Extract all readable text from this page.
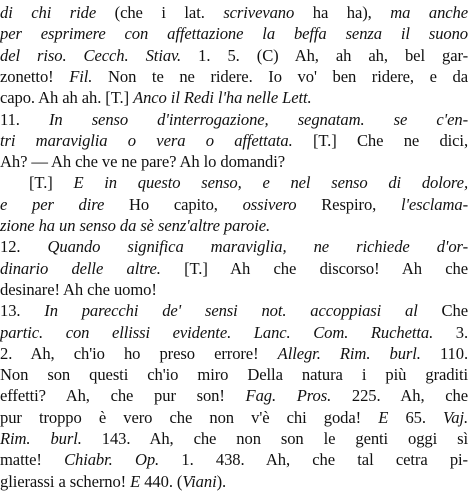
di chi ride (che i lat. scrivevano ha ha), ma anche
per esprimere con affettazione la beffa senza il suono
del riso. Cecch. Stiav. 1. 5. (C) Ah, ah ah, bel gar-
zonetto! Fil. Non te ne ridere. Io vo' ben ridere, e da
capo. Ah ah ah. [T.] Anco il Redi l'ha nelle Lett.
11. In senso d'interrogazione, segnatam. se c'en-
tri maraviglia o vera o affettata. [T.] Che ne dici,
Ah? — Ah che ve ne pare? Ah lo domandi?
[T.] E in questo senso, e nel senso di dolore,
e per dire Ho capito, ossivero Respiro, l'esclama-
zione ha un senso da sè senz'altre paroie.
12. Quando significa maraviglia, ne richiede d'or-
dinario delle altre. [T.] Ah che discorso! Ah che
desinare! Ah che uomo!
13. In parecchi de' sensi not. accoppiasi al Che
partic. con ellissi evidente. Lanc. Com. Ruchetta. 3.
2. Ah, ch'io ho preso errore! Allegr. Rim. burl. 110.
Non son questi ch'io miro Della natura i più graditi
effetti? Ah, che pur son! Fag. Pros. 225. Ah, che
pur troppo è vero che non v'è chi goda! E 65. Vaj.
Rim. burl. 143. Ah, che non son le genti oggi sì
matte! Chiabr. Op. 1. 438. Ah, che tal cetra pi-
glierassi a scherno! E 440. (Viani).
